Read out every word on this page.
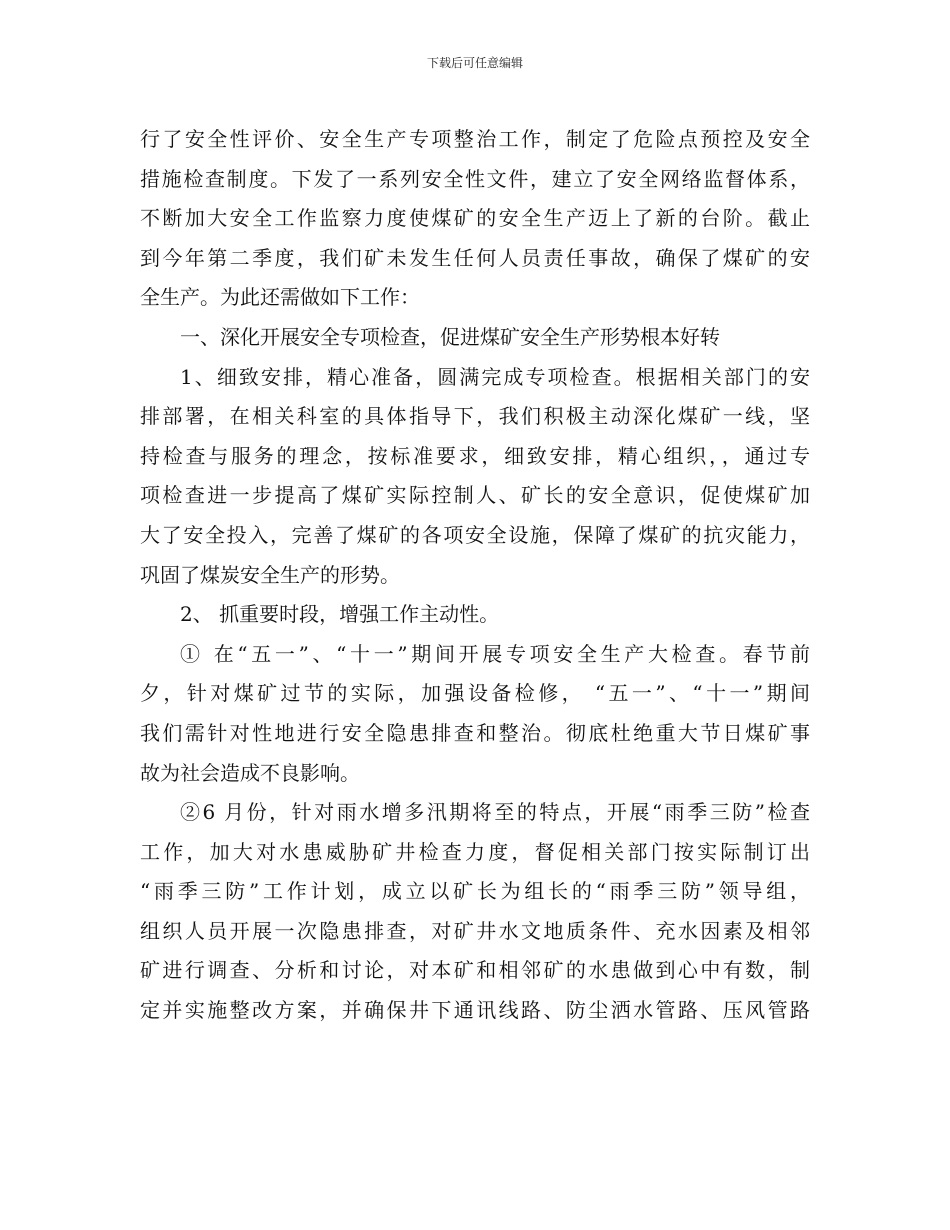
下载后可任意编辑
行了安全性评价、安全生产专项整治工作，制定了危险点预控及安全
措施检查制度。下发了一系列安全性文件，建立了安全网络监督体系，
不断加大安全工作监察力度使煤矿的安全生产迈上了新的台阶。截止
到今年第二季度，我们矿未发生任何人员责任事故，确保了煤矿的安
全生产。为此还需做如下工作：
一、深化开展安全专项检查，促进煤矿安全生产形势根本好转
1、细致安排，精心准备，圆满完成专项检查。根据相关部门的安
排部署，在相关科室的具体指导下，我们积极主动深化煤矿一线，坚
持检查与服务的理念，按标准要求，细致安排，精心组织，，通过专
项检查进一步提高了煤矿实际控制人、矿长的安全意识，促使煤矿加
大了安全投入，完善了煤矿的各项安全设施，保障了煤矿的抗灾能力，
巩固了煤炭安全生产的形势。
2、 抓重要时段，增强工作主动性。
① 在“五一”、“十一”期间开展专项安全生产大检查。春节前
夕，针对煤矿过节的实际，加强设备检修， “五一”、“十一”期间
我们需针对性地进行安全隐患排查和整治。彻底杜绝重大节日煤矿事
故为社会造成不良影响。
②6 月份，针对雨水增多汛期将至的特点，开展“雨季三防”检查
工作，加大对水患威胁矿井检查力度，督促相关部门按实际制订出
“雨季三防”工作计划，成立以矿长为组长的“雨季三防”领导组，
组织人员开展一次隐患排查，对矿井水文地质条件、充水因素及相邻
矿进行调查、分析和讨论，对本矿和相邻矿的水患做到心中有数，制
定并实施整改方案，并确保井下通讯线路、防尘洒水管路、压风管路
